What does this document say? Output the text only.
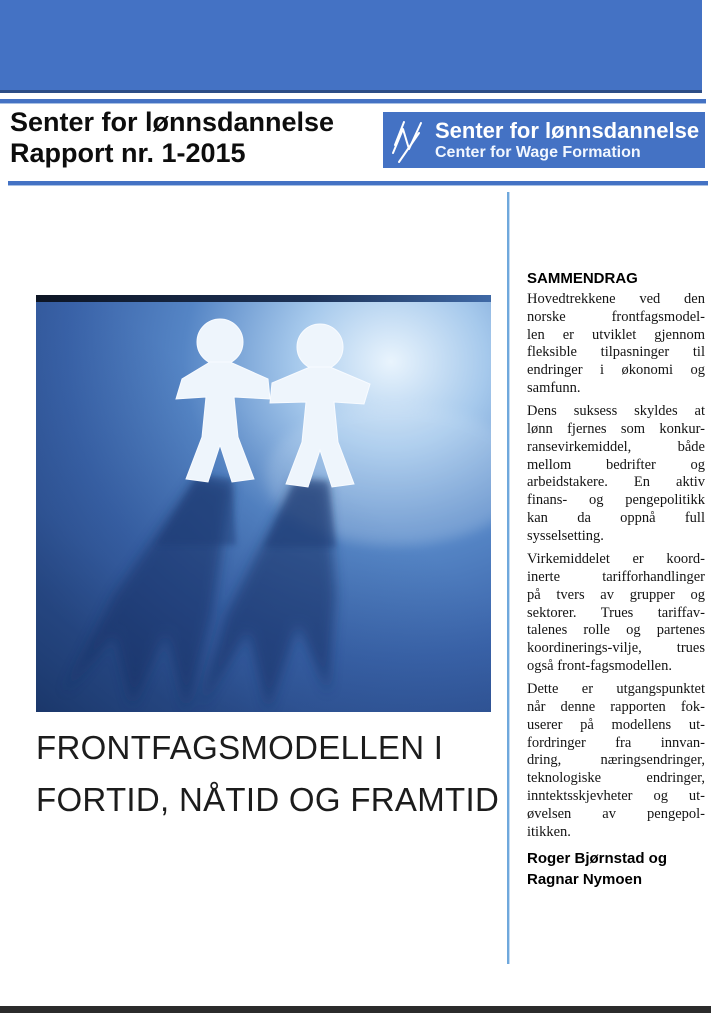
Senter for lønnsdannelse
Rapport nr. 1-2015
Senter for lønnsdannelse
Center for Wage Formation
FRONTFAGSMODELLEN I
FORTID, NÅTID OG FRAMTID
SAMMENDRAG
Hovedtrekkene ved den
norske frontfagsmodel-
len er utviklet gjennom
fleksible tilpasninger til
endringer i økonomi og
samfunn.
Dens suksess skyldes at
lønn fjernes som konkur-
ransevirkemiddel, både
mellom bedrifter og
arbeidstakere. En aktiv
finans- og pengepolitikk
kan da oppnå full
sysselsetting.
Virkemiddelet er koord-
inerte tarifforhandlinger
på tvers av grupper og
sektorer. Trues tariffav-
talenes rolle og partenes
koordinerings-vilje, trues
også front-fagsmodellen.
Dette er utgangspunktet
når denne rapporten fok-
userer på modellens ut-
fordringer fra innvan-
dring, næringsendringer,
teknologiske endringer,
inntektsskjevheter og ut-
øvelsen av pengepol-
itikken.
Roger Bjørnstad og
Ragnar Nymoen
